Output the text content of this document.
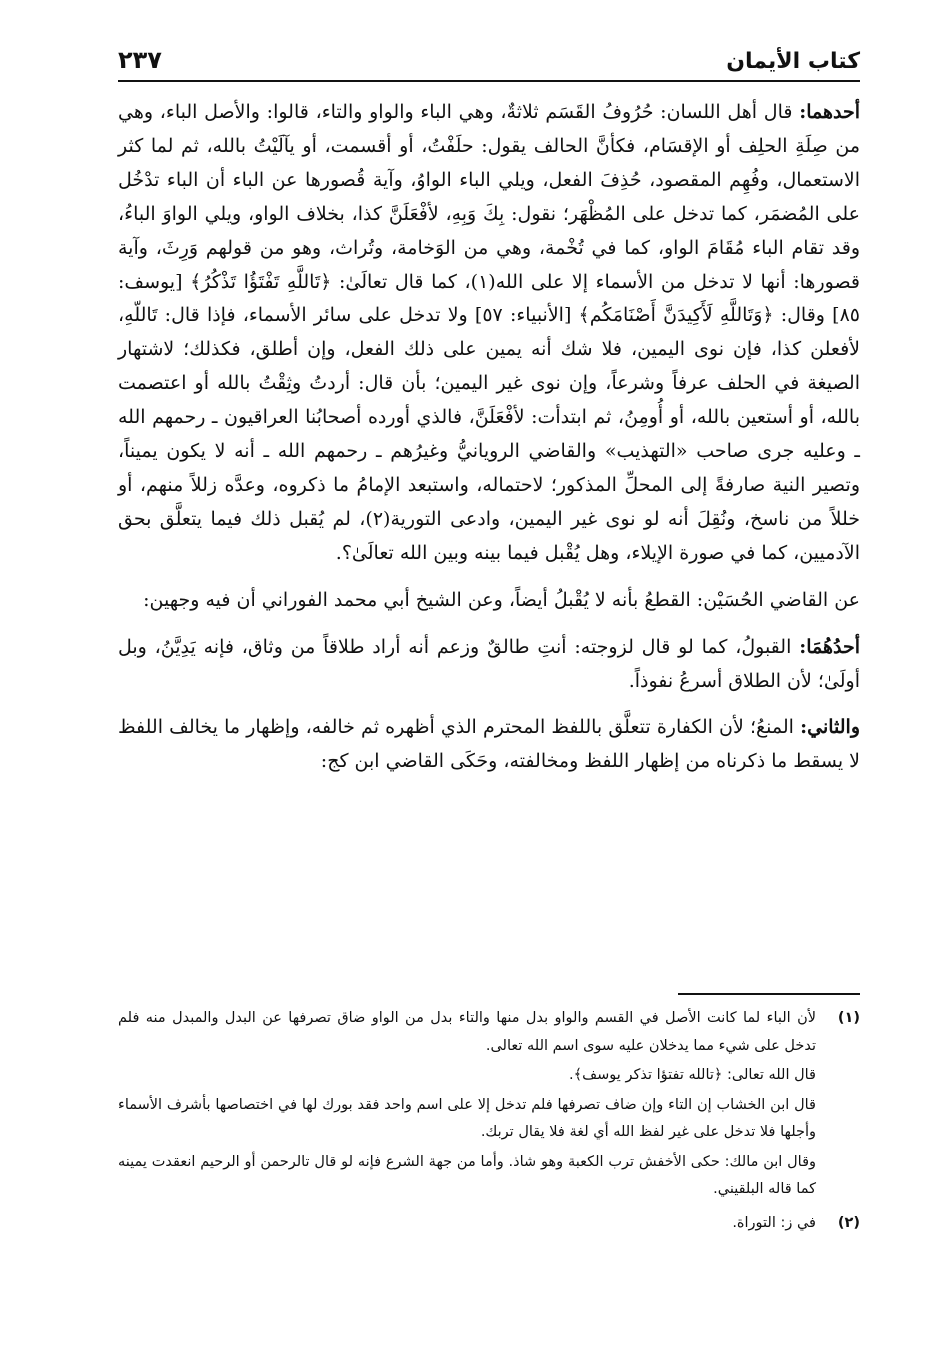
كتاب الأيمان
٢٣٧

أحدهما: قال أهل اللسان: حُرُوفُ القَسَم ثلاثةٌ، وهي الباء والواو والتاء، قالوا: والأصل الباء، وهي من صِلَةِ الحلِف أو الإقسَام، فكأنَّ الحالف يقول: حلَفْتُ، أو أقسمت، أو يآلَيْتُ بالله، ثم لما كثر الاستعمال، وفُهِم المقصود، حُذِفَ الفعل، ويلي الباء الواوُ، وآية قُصورها عن الباء أن الباء تدْخُل على المُضمَر، كما تدخل على المُظْهَر؛ نقول: بِكَ وَبِهِ، لأفْعَلَنَّ كذا، بخلاف الواو، ويلي الواوَ الباءُ، وقد تقام الباء مُقَامَ الواو، كما في تُخْمة، وهي من الوَخامة، وتُراث، وهو من قولهم وَرِثَ، وآية قصورها: أنها لا تدخل من الأسماء إلا على الله(١)، كما قال تعالَىٰ: ﴿تَاللَّهِ تَفْتَؤُا تَذْكُرُ﴾ [يوسف: ٨٥] وقال: ﴿وَتَاللَّهِ لَأَكِيدَنَّ أَصْنَامَكُم﴾ [الأنبياء: ٥٧] ولا تدخل على سائر الأسماء، فإذا قال: تَاللّهِ، لأفعلن كذا، فإن نوى اليمين، فلا شك أنه يمين على ذلك الفعل، وإن أطلق، فكذلك؛ لاشتهار الصيغة في الحلف عرفاً وشرعاً، وإن نوى غير اليمين؛ بأن قال: أردتُ وثِقْتُ بالله أو اعتصمت بالله، أو أستعين بالله، أو أُومِنُ، ثم ابتدأت: لأفْعَلَنَّ، فالذي أورده أصحابُنا العراقيون ـ رحمهم الله ـ وعليه جرى صاحب «التهذيب» والقاضي الرويانيُّ وغيرُهم ـ رحمهم الله ـ أنه لا يكون يميناً، وتصير النية صارفةً إلى المحلِّ المذكور؛ لاحتماله، واستبعد الإمامُ ما ذكروه، وعدَّه زللاً منهم، أو خللاً من ناسخ، ونُقِلَ أنه لو نوى غير اليمين، وادعى التورية(٢)، لم يُقبل ذلك فيما يتعلَّق بحق الآدميين، كما في صورة الإيلاء، وهل يُقْبل فيما بينه وبين الله تعالَىٰ؟.

عن القاضي الحُسَيْن: القطعُ بأنه لا يُقْبلُ أيضاً، وعن الشيخ أبي محمد الفوراني أن فيه وجهين:

أحدُهُمَا: القبولُ، كما لو قال لزوجته: أنتِ طالقٌ وزعم أنه أراد طلاقاً من وثاق، فإنه يَدِيَّنُ، وبل أولَىٰ؛ لأن الطلاق أسرعُ نفوذاً.

والثاني: المنعُ؛ لأن الكفارة تتعلَّق باللفظ المحترم الذي أظهره ثم خالفه، وإظهار ما يخالف اللفظ لا يسقط ما ذكرناه من إظهار اللفظ ومخالفته، وحَكَى القاضي ابن كج:

(١)

لأن الباء لما كانت الأصل في القسم والواو بدل منها والتاء بدل من الواو ضاق تصرفها عن البدل والمبدل منه فلم تدخل على شيء مما يدخلان عليه سوى اسم الله تعالى.

قال الله تعالى: ﴿تالله تفتؤا تذكر يوسف﴾.

قال ابن الخشاب إن التاء وإن ضاف تصرفها فلم تدخل إلا على اسم واحد فقد بورك لها في اختصاصها بأشرف الأسماء وأجلها فلا تدخل على غير لفظ الله أي لغة فلا يقال تربك.

وقال ابن مالك: حكى الأخفش ترب الكعبة وهو شاذ. وأما من جهة الشرع فإنه لو قال تالرحمن أو الرحيم انعقدت يمينه كما قاله البلقيني.

(٢)

في ز: التوراة.
